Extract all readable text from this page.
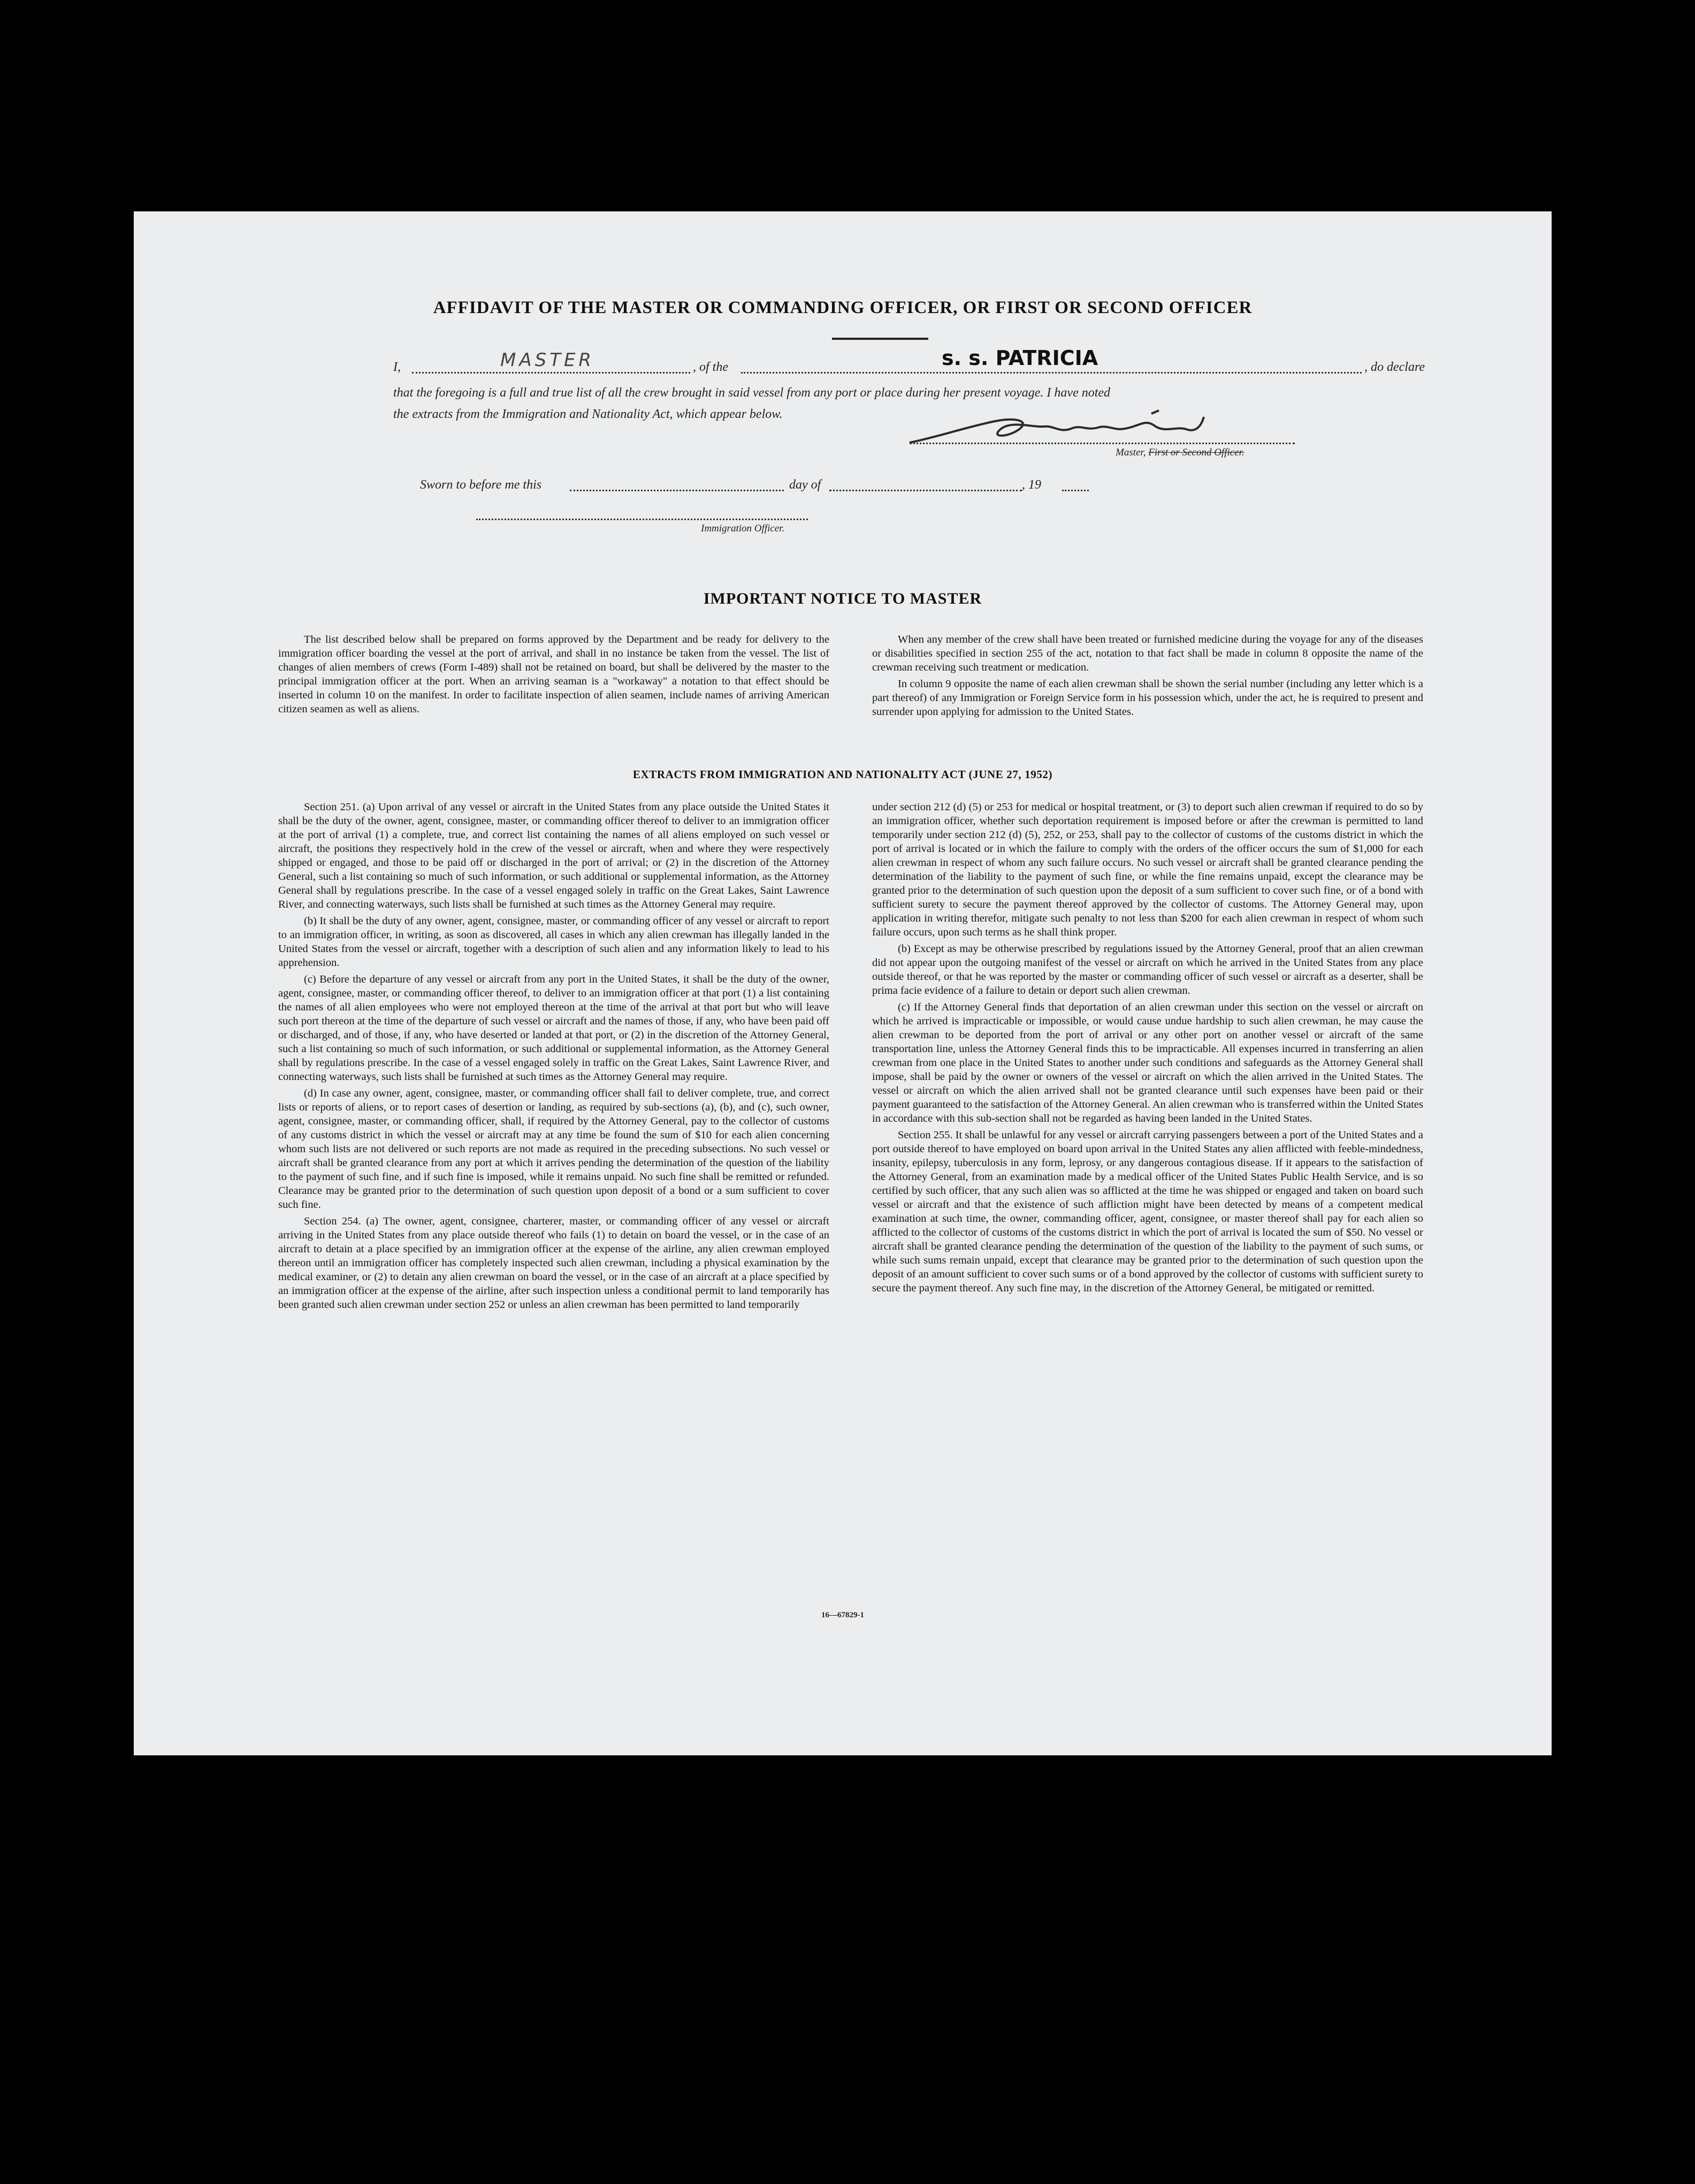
AFFIDAVIT OF THE MASTER OR COMMANDING OFFICER, OR FIRST OR SECOND OFFICER
I,	MASTER	, of the	s. s. PATRICIA	, do declare
that the foregoing is a full and true list of all the crew brought in said vessel from any port or place during her present voyage. I have noted
the extracts from the Immigration and Nationality Act, which appear below.
Master, First or Second Officer.
Sworn to before me this	day of	, 19
Immigration Officer.
IMPORTANT NOTICE TO MASTER

The list described below shall be prepared on forms approved by the Department and be ready for delivery to the immigration officer boarding the vessel at the port of arrival, and shall in no instance be taken from the vessel. The list of changes of alien members of crews (Form I-489) shall not be retained on board, but shall be delivered by the master to the principal immigration officer at the port. When an arriving seaman is a "workaway" a notation to that effect should be inserted in column 10 on the manifest. In order to facilitate inspection of alien seamen, include names of arriving American citizen seamen as well as aliens.

When any member of the crew shall have been treated or furnished medicine during the voyage for any of the diseases or disabilities specified in section 255 of the act, notation to that fact shall be made in column 8 opposite the name of the crewman receiving such treatment or medication.

In column 9 opposite the name of each alien crewman shall be shown the serial number (including any letter which is a part thereof) of any Immigration or Foreign Service form in his possession which, under the act, he is required to present and surrender upon applying for admission to the United States.

EXTRACTS FROM IMMIGRATION AND NATIONALITY ACT (JUNE 27, 1952)

Section 251. (a) Upon arrival of any vessel or aircraft in the United States from any place outside the United States it shall be the duty of the owner, agent, consignee, master, or commanding officer thereof to deliver to an immigration officer at the port of arrival (1) a complete, true, and correct list containing the names of all aliens employed on such vessel or aircraft, the positions they respectively hold in the crew of the vessel or aircraft, when and where they were respectively shipped or engaged, and those to be paid off or discharged in the port of arrival; or (2) in the discretion of the Attorney General, such a list containing so much of such information, or such additional or supplemental information, as the Attorney General shall by regulations prescribe. In the case of a vessel engaged solely in traffic on the Great Lakes, Saint Lawrence River, and connecting waterways, such lists shall be furnished at such times as the Attorney General may require.

(b) It shall be the duty of any owner, agent, consignee, master, or commanding officer of any vessel or aircraft to report to an immigration officer, in writing, as soon as discovered, all cases in which any alien crewman has illegally landed in the United States from the vessel or aircraft, together with a description of such alien and any information likely to lead to his apprehension.

(c) Before the departure of any vessel or aircraft from any port in the United States, it shall be the duty of the owner, agent, consignee, master, or commanding officer thereof, to deliver to an immigration officer at that port (1) a list containing the names of all alien employees who were not employed thereon at the time of the arrival at that port but who will leave such port thereon at the time of the departure of such vessel or aircraft and the names of those, if any, who have been paid off or discharged, and of those, if any, who have deserted or landed at that port, or (2) in the discretion of the Attorney General, such a list containing so much of such information, or such additional or supplemental information, as the Attorney General shall by regulations prescribe. In the case of a vessel engaged solely in traffic on the Great Lakes, Saint Lawrence River, and connecting waterways, such lists shall be furnished at such times as the Attorney General may require.

(d) In case any owner, agent, consignee, master, or commanding officer shall fail to deliver complete, true, and correct lists or reports of aliens, or to report cases of desertion or landing, as required by sub-sections (a), (b), and (c), such owner, agent, consignee, master, or commanding officer, shall, if required by the Attorney General, pay to the collector of customs of any customs district in which the vessel or aircraft may at any time be found the sum of $10 for each alien concerning whom such lists are not delivered or such reports are not made as required in the preceding subsections. No such vessel or aircraft shall be granted clearance from any port at which it arrives pending the determination of the question of the liability to the payment of such fine, and if such fine is imposed, while it remains unpaid. No such fine shall be remitted or refunded. Clearance may be granted prior to the determination of such question upon deposit of a bond or a sum sufficient to cover such fine.

Section 254. (a) The owner, agent, consignee, charterer, master, or commanding officer of any vessel or aircraft arriving in the United States from any place outside thereof who fails (1) to detain on board the vessel, or in the case of an aircraft to detain at a place specified by an immigration officer at the expense of the airline, any alien crewman employed thereon until an immigration officer has completely inspected such alien crewman, including a physical examination by the medical examiner, or (2) to detain any alien crewman on board the vessel, or in the case of an aircraft at a place specified by an immigration officer at the expense of the airline, after such inspection unless a conditional permit to land temporarily has been granted such alien crewman under section 252 or unless an alien crewman has been permitted to land temporarily

under section 212 (d) (5) or 253 for medical or hospital treatment, or (3) to deport such alien crewman if required to do so by an immigration officer, whether such deportation requirement is imposed before or after the crewman is permitted to land temporarily under section 212 (d) (5), 252, or 253, shall pay to the collector of customs of the customs district in which the port of arrival is located or in which the failure to comply with the orders of the officer occurs the sum of $1,000 for each alien crewman in respect of whom any such failure occurs. No such vessel or aircraft shall be granted clearance pending the determination of the liability to the payment of such fine, or while the fine remains unpaid, except the clearance may be granted prior to the determination of such question upon the deposit of a sum sufficient to cover such fine, or of a bond with sufficient surety to secure the payment thereof approved by the collector of customs. The Attorney General may, upon application in writing therefor, mitigate such penalty to not less than $200 for each alien crewman in respect of whom such failure occurs, upon such terms as he shall think proper.

(b) Except as may be otherwise prescribed by regulations issued by the Attorney General, proof that an alien crewman did not appear upon the outgoing manifest of the vessel or aircraft on which he arrived in the United States from any place outside thereof, or that he was reported by the master or commanding officer of such vessel or aircraft as a deserter, shall be prima facie evidence of a failure to detain or deport such alien crewman.

(c) If the Attorney General finds that deportation of an alien crewman under this section on the vessel or aircraft on which he arrived is impracticable or impossible, or would cause undue hardship to such alien crewman, he may cause the alien crewman to be deported from the port of arrival or any other port on another vessel or aircraft of the same transportation line, unless the Attorney General finds this to be impracticable. All expenses incurred in transferring an alien crewman from one place in the United States to another under such conditions and safeguards as the Attorney General shall impose, shall be paid by the owner or owners of the vessel or aircraft on which the alien arrived in the United States. The vessel or aircraft on which the alien arrived shall not be granted clearance until such expenses have been paid or their payment guaranteed to the satisfaction of the Attorney General. An alien crewman who is transferred within the United States in accordance with this sub-section shall not be regarded as having been landed in the United States.

Section 255. It shall be unlawful for any vessel or aircraft carrying passengers between a port of the United States and a port outside thereof to have employed on board upon arrival in the United States any alien afflicted with feeble-mindedness, insanity, epilepsy, tuberculosis in any form, leprosy, or any dangerous contagious disease. If it appears to the satisfaction of the Attorney General, from an examination made by a medical officer of the United States Public Health Service, and is so certified by such officer, that any such alien was so afflicted at the time he was shipped or engaged and taken on board such vessel or aircraft and that the existence of such affliction might have been detected by means of a competent medical examination at such time, the owner, commanding officer, agent, consignee, or master thereof shall pay for each alien so afflicted to the collector of customs of the customs district in which the port of arrival is located the sum of $50. No vessel or aircraft shall be granted clearance pending the determination of the question of the liability to the payment of such sums, or while such sums remain unpaid, except that clearance may be granted prior to the determination of such question upon the deposit of an amount sufficient to cover such sums or of a bond approved by the collector of customs with sufficient surety to secure the payment thereof. Any such fine may, in the discretion of the Attorney General, be mitigated or remitted.

16—67829-1
